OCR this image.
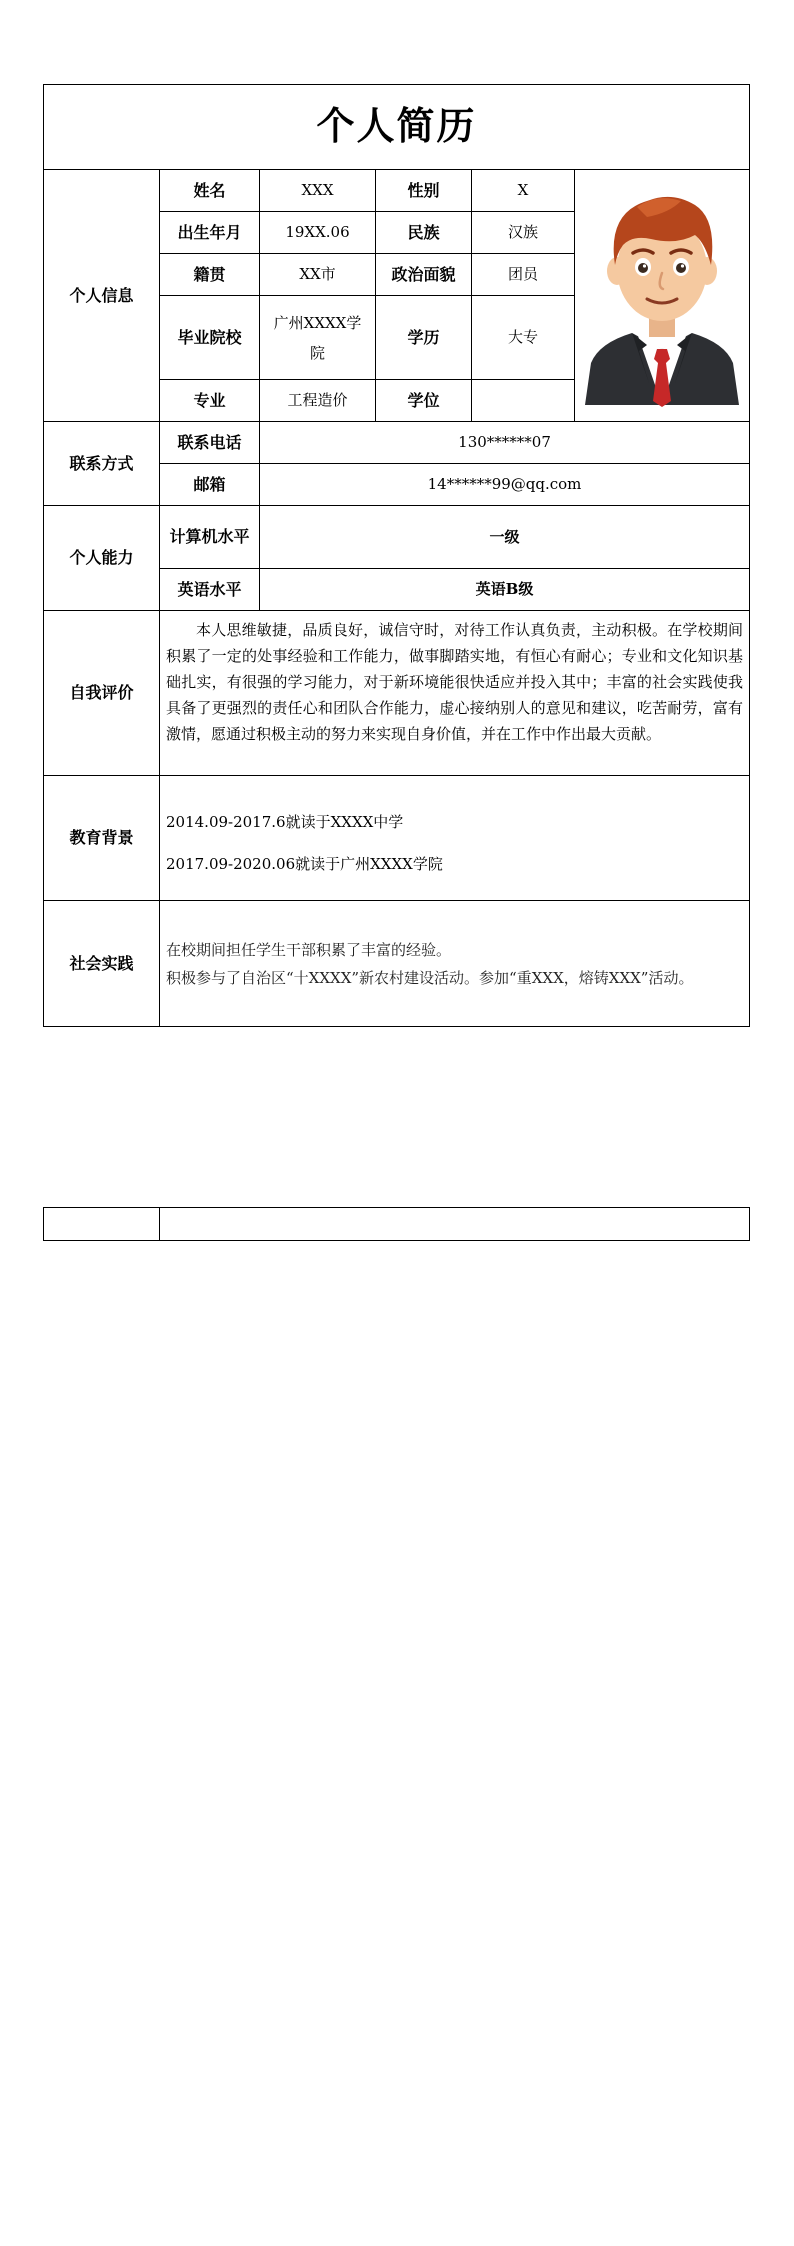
个人简历					
个人信息	姓名	XXX	性别	X	
	出生年月	19XX.06	民族	汉族	
	籍贯	XX市	政治面貌	团员	
	毕业院校	广州XXXX学院	学历	大专	
	专业	工程造价	学位		
联系方式	联系电话	130******07			
	邮箱	14******99@qq.com			
个人能力	计算机水平	一级			
	英语水平	英语B级			
自我评价	本人思维敏捷，品质良好，诚信守时，对待工作认真负责，主动积极。在学校期间积累了一定的处事经验和工作能力，做事脚踏实地，有恒心有耐心；专业和文化知识基础扎实，有很强的学习能力，对于新环境能很快适应并投入其中；丰富的社会实践使我具备了更强烈的责任心和团队合作能力，虚心接纳别人的意见和建议，吃苦耐劳，富有激情，愿通过积极主动的努力来实现自身价值，并在工作中作出最大贡献。				

教育背景	2014.09-2017.6就读于XXXX中学
2017.09-2020.06就读于广州XXXX学院				

社会实践	在校期间担任学生干部积累了丰富的经验。
积极参与了自治区“十XXXX”新农村建设活动。参加“重XXX，熔铸XXX”活动。				
